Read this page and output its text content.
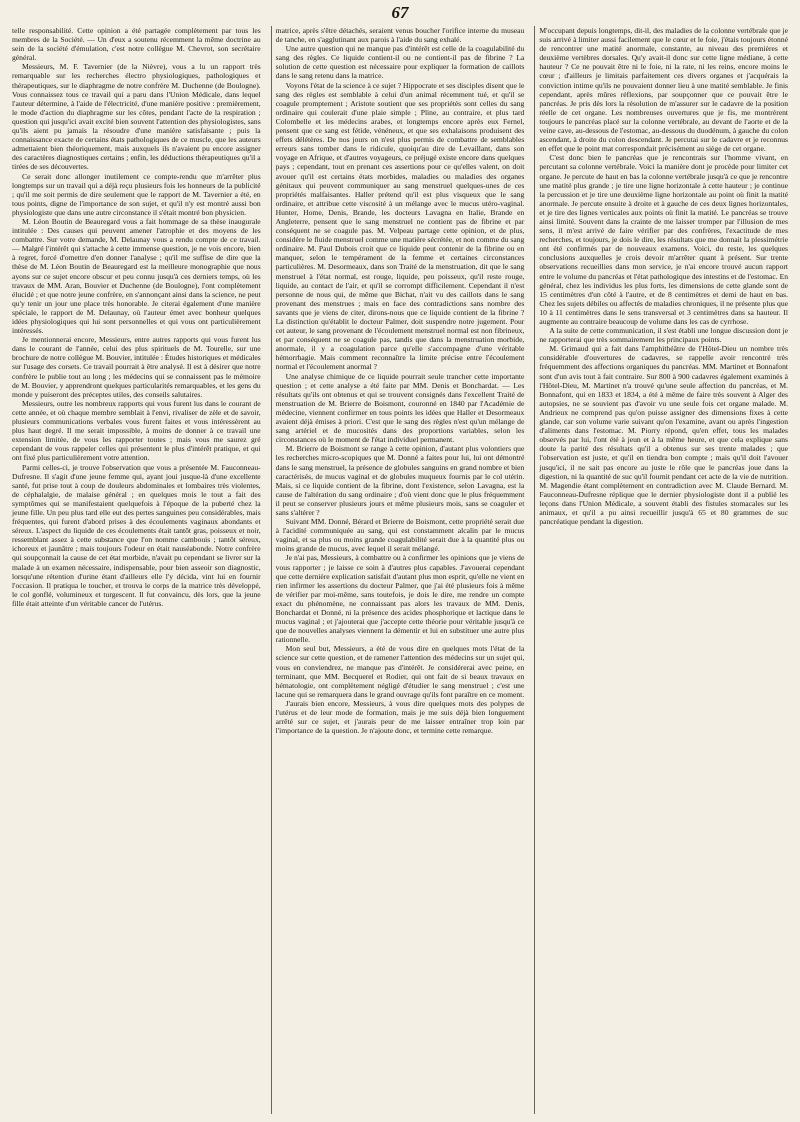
67

telle responsabilité. Cette opinion a été partagée complètement par tous les membres de la Société. — Un d'eux a soutenu récemment la même doctrine au sein de la société d'émulation, c'est notre collègue M. Chevrot, son secrétaire général.

Messieurs, M. F. Tavernier (de la Nièvre), vous a lu un rapport très remarquable sur les recherches électro physiologiques, pathologiques et thérapeutiques, sur le diaphragme de notre confrère M. Duchenne (de Boulogne). Vous connaissez tous ce travail qui a paru dans l'Union Médicale, dans lequel l'auteur détermine, à l'aide de l'électricité, d'une manière positive : premièrement, le mode d'action du diaphragme sur les côtes, pendant l'acte de la respiration ; question qui jusqu'ici avait excité bien souvent l'attention des physiologistes, sans qu'ils aient pu jamais la résoudre d'une manière satisfaisante ; puis la connaissance exacte de certains états pathologiques de ce muscle, que les auteurs admettaient bien théoriquement, mais auxquels ils n'avaient pu encore assigner des caractères diagnostiques certains ; enfin, les déductions thérapeutiques qu'il a tirées de ses découvertes.

Ce serait donc allonger inutilement ce compte-rendu que m'arrêter plus longtemps sur un travail qui a déjà reçu plusieurs fois les honneurs de la publicité ; qu'il me soit permis de dire seulement que le rapport de M. Tavernier a été, en tous points, digne de l'importance de son sujet, et qu'il n'y est montré aussi bon physiologiste que dans une autre circonstance il s'était montré bon physicien.

M. Léon Boutin de Beauregard vous a fait hommage de sa thèse inaugurale intitulée : Des causes qui peuvent amener l'atrophie et des moyens de les combattre. Sur votre demande, M. Delaunay vous a rendu compte de ce travail. — Malgré l'intérêt qui s'attache à cette immense question, je ne vois encore, bien à regret, forcé d'omettre d'en donner l'analyse ; qu'il me suffise de dire que la thèse de M. Léon Boutin de Beauregard est la meilleure monographie que nous ayons sur ce sujet encore obscur et peu connu jusqu'à ces derniers temps, où les travaux de MM. Aran, Bouvier et Duchenne (de Boulogne), l'ont complètement élucidé ; et que notre jeune confrère, en s'annonçant ainsi dans la science, ne peut qu'y tenir un jour une place très honorable. Je citerai également d'une manière spéciale, le rapport de M. Delaunay, où l'auteur émet avec bonheur quelques idées physiologiques qui lui sont personnelles et qui vous ont particulièrement intéressés.

Je mentionnerai encore, Messieurs, entre autres rapports qui vous furent lus dans le courant de l'année, celui des plus spirituels de M. Tourelle, sur une brochure de notre collègue M. Bouvier, intitulée : Études historiques et médicales sur l'usage des corsets. Ce travail pourrait à être analysé. Il est à désirer que notre confrère le publie tout au long ; les médecins qui se connaissent pas le mémoire de M. Bouvier, y apprendront quelques particularités remarquables, et les gens du monde y puiseront des préceptes utiles, des conseils salutaires.

Messieurs, outre les nombreux rapports qui vous furent lus dans le courant de cette année, et où chaque membre semblait à l'envi, rivaliser de zèle et de savoir, plusieurs communications verbales vous furent faites et vous intéressèrent au plus haut degré. Il me serait impossible, à moins de donner à ce travail une extension limitée, de vous les rapporter toutes ; mais vous me saurez gré cependant de vous rappeler celles qui présentent le plus d'intérêt pratique, et qui ont fixé plus particulièrement votre attention.

Parmi celles-ci, je trouve l'observation que vous a présentée M. Fauconneau-Dufresne. Il s'agit d'une jeune femme qui, ayant joui jusque-là d'une excellente santé, fut prise tout à coup de douleurs abdominales et lombaires très violentes, de céphalalgie, de malaise général ; en quelques mois le tout a fait des symptômes qui se manifestaient quelquefois à l'époque de la puberté chez la jeune fille. Un peu plus tard elle eut des pertes sanguines peu considérables, mais fréquentes, qui furent d'abord prises à des écoulements vaginaux abondants et séreux. L'aspect du liquide de ces écoulements était tantôt gras, poisseux et noir, ressemblant assez à cette substance que l'on nomme cambouis ; tantôt séreux, ichoreux et jaunâtre ; mais toujours l'odeur en était nauséabonde. Notre confrère qui soupçonnait la cause de cet état morbide, n'avait pu cependant se livrer sur la malade à un examen nécessaire, indispensable, pour bien asseoir son diagnostic, lorsqu'une rétention d'urine étant d'ailleurs elle l'y décida, vint lui en fournir l'occasion. Il pratiqua le toucher, et trouva le corps de la matrice très développé, le col gonflé, volumineux et turgescent. Il fut convaincu, dès lors, que la jeune fille était atteinte d'un véritable cancer de l'utérus.

matrice, après s'être détachés, seraient venus boucher l'orifice interne du museau de tanche, en s'agglutinant aux parois à l'aide du sang exhalé.

Une autre question qui ne manque pas d'intérêt est celle de la coagulabilité du sang des règles. Ce liquide contient-il ou ne contient-il pas de fibrine ? La solution de cette question est nécessaire pour expliquer la formation de caillots dans le sang retenu dans la matrice.

Voyons l'état de la science à ce sujet ? Hippocrate et ses disciples disent que le sang des règles est semblable à celui d'un animal récemment tué, et qu'il se coagule promptement ; Aristote soutient que ses propriétés sont celles du sang ordinaire qui coulerait d'une plaie simple ; Pline, au contraire, et plus tard Colombelle et les médecins arabes, et longtemps encore après eux Fernel, pensent que ce sang est fétide, vénéneux, et que ses exhalaisons produisent des effets délétères. De nos jours on n'est plus permis de combattre de semblables erreurs sans tomber dans le ridicule, quoiqu'au dire de Levaillant, dans son voyage en Afrique, et d'autres voyageurs, ce préjugé existe encore dans quelques pays ; cependant, tout en prenant ces assertions pour ce qu'elles valent, on doit avouer qu'il est certains états morbides, maladies ou maladies des organes génitaux qui peuvent communiquer au sang menstruel quelques-unes de ces propriétés malfaisantes. Haller prétend qu'il est plus visqueux que le sang ordinaire, et attribue cette viscosité à un mélange avec le mucus utéro-vaginal. Hunter, Home, Denis, Brande, les docteurs Lavagna en Italie, Brande en Angleterre, pensent que le sang menstruel ne contient pas de fibrine et par conséquent ne se coagule pas. M. Velpeau partage cette opinion, et de plus, considère le fluide menstruel comme une matière sécrétée, et non comme du sang ordinaire. M. Paul Dubois croit que ce liquide peut contenir de la fibrine ou en manquer, selon le tempérament de la femme et certaines circonstances particulières. M. Desormeaux, dans son Traité de la menstruation, dit que le sang menstruel à l'état normal, est rouge, liquide, peu poisseux, qu'il reste rouge, liquide, au contact de l'air, et qu'il se corrompt difficilement. Cependant il n'est personne de nous qui, de même que Bichat, n'ait vu des caillots dans le sang provenant des menstrues ; mais en face des contradictions sans nombre des savants que je viens de citer, dirons-nous que ce liquide contient de la fibrine ? La distinction qu'établit le docteur Palmer, doit suspendre notre jugement. Pour cet auteur, le sang provenant de l'écoulement menstruel normal est non fibrineux, et par conséquent ne se coagule pas, tandis que dans la menstruation morbide, anormale, il y a coagulation parce qu'elle s'accompagne d'une véritable hémorrhagie. Mais comment reconnaître la limite précise entre l'écoulement normal et l'écoulement anormal ?

Une analyse chimique de ce liquide pourrait seule trancher cette importante question ; et cette analyse a été faite par MM. Denis et Bonchardat. — Les résultats qu'ils ont obtenus et qui se trouvent consignés dans l'excellent Traité de menstruation de M. Brierre de Boismont, couronné en 1840 par l'Académie de médecine, viennent confirmer en tous points les idées que Haller et Desormeaux avaient déjà émises à priori. C'est que le sang des règles n'est qu'un mélange de sang artériel et de mucosités dans des proportions variables, selon les circonstances où le moment de l'état individuel permanent.

M. Brierre de Boismont se range à cette opinion, d'autant plus volontiers que les recherches micro-scopiques que M. Donné a faites pour lui, lui ont démontré dans le sang menstruel, la présence de globules sanguins en grand nombre et bien caractérisés, de mucus vaginal et de globules muqueux fournis par le col utérin. Mais, si ce liquide contient de la fibrine, dont l'existence, selon Lavagna, est la cause de l'altération du sang ordinaire ; d'où vient donc que le plus fréquemment il peut se conserver plusieurs jours et même plusieurs mois, sans se coaguler et sans s'altérer ?

Suivant MM. Donné, Bérard et Brierre de Boismont, cette propriété serait due à l'acidité communiquée au sang, qui est constamment alcalin par le mucus vaginal, et sa plus ou moins grande coagulabilité serait due à la quantité plus ou moins grande de mucus, avec lequel il serait mélangé.

Je n'ai pas, Messieurs, à combattre ou à confirmer les opinions que je viens de vous rapporter ; je laisse ce soin à d'autres plus capables. J'avouerai cependant que cette dernière explication satisfait d'autant plus mon esprit, qu'elle ne vient en rien infirmer les assertions du docteur Palmer, que j'ai été plusieurs fois à même de vérifier par moi-même, sans toutefois, je dois le dire, me rendre un compte exact du phénomène, ne connaissant pas alors les travaux de MM. Denis, Bonchardat et Donné, ni la présence des acides phosphorique et lactique dans le mucus vaginal ; et j'ajouterai que j'accepte cette théorie pour véritable jusqu'à ce que de nouvelles analyses viennent la démentir et lui en substituer une autre plus rationnelle.

Mon seul but, Messieurs, a été de vous dire en quelques mots l'état de la science sur cette question, et de ramener l'attention des médecins sur un sujet qui, vous en conviendrez, ne manque pas d'intérêt. Je considérerai avec peine, en terminant, que MM. Becquerel et Rodier, qui ont fait de si beaux travaux en hématologie, ont complètement négligé d'étudier le sang menstruel ; c'est une lacune qui se remarquera dans le grand ouvrage qu'ils font paraître en ce moment.

J'aurais bien encore, Messieurs, à vous dire quelques mots des polypes de l'utérus et de leur mode de formation, mais je me suis déjà bien longuement arrêté sur ce sujet, et j'aurais peur de me laisser entraîner trop loin par l'importance de la question. Je n'ajoute donc, et termine cette remarque.

M'occupant depuis longtemps, dit-il, des maladies de la colonne vertébrale que je suis arrivé à limiter aussi facilement que le cœur et le foie, j'étais toujours étonné de rencontrer une matité anormale, constante, au niveau des premières et deuxième vertèbres dorsales. Qu'y avait-il donc sur cette ligne médiane, à cette hauteur ? Ce ne pouvait être ni le foie, ni la rate, ni les reins, encore moins le cœur ; d'ailleurs je limitais parfaitement ces divers organes et j'acquérais la conviction intime qu'ils ne pouvaient donner lieu à une matité semblable. Je finis cependant, après mûres réflexions, par soupçonner que ce pouvait être le pancréas. Je pris dès lors la résolution de m'assurer sur le cadavre de la position réelle de cet organe. Les nombreuses ouvertures que je fis, me montrèrent toujours le pancréas placé sur la colonne vertébrale, au devant de l'aorte et de la veine cave, au-dessous de l'estomac, au-dessous du duodénum, à gauche du colon ascendant, à droite du colon descendant. Je percutai sur le cadavre et je reconnus en effet que le point mat correspondait précisément au siège de cet organe.

C'est donc bien le pancréas que je rencontrais sur l'homme vivant, en percutant sa colonne vertébrale. Voici la manière dont je procède pour limiter cet organe. Je percute de haut en bas la colonne vertébrale jusqu'à ce que je rencontre une matité plus grande ; je tire une ligne horizontale à cette hauteur ; je continue la percussion et je tire une deuxième ligne horizontale au point où finit la matité anormale. Je percute ensuite à droite et à gauche de ces deux lignes horizontales, et je tire des lignes verticales aux points où finit la matité. Le pancréas se trouve ainsi limité. Souvent dans la crainte de me laisser tromper par l'illusion de mes sens, il m'est arrivé de faire vérifier par des confrères, l'exactitude de mes recherches, et toujours, je dois le dire, les résultats que me donnait la plessimétrie ont été confirmés par de nouveaux examens. Voici, du reste, les quelques conclusions auxquelles je crois devoir m'arrêter quant à présent. Sur trente observations recueillies dans mon service, je n'ai encore trouvé aucun rapport entre le volume du pancréas et l'état pathologique des intestins et de l'estomac. En général, chez les individus les plus forts, les dimensions de cette glande sont de 15 centimètres d'un côté à l'autre, et de 8 centimètres et demi de haut en bas. Chez les sujets débiles ou affectés de maladies chroniques, il ne présente plus que 10 à 11 centimètres dans le sens transversal et 3 centimètres dans sa hauteur. Il augmente au contraire beaucoup de volume dans les cas de cyrrhose.

A la suite de cette communication, il s'est établi une longue discussion dont je ne rapporterai que très sommairement les principaux points.

M. Grimaud qui a fait dans l'amphithéâtre de l'Hôtel-Dieu un nombre très considérable d'ouvertures de cadavres, se rappelle avoir rencontré très fréquemment des affections organiques du pancréas. MM. Martinet et Bonnafont sont d'un avis tout à fait contraire. Sur 800 à 900 cadavres également examinés à l'Hôtel-Dieu, M. Martinet n'a trouvé qu'une seule affection du pancréas, et M. Bonnafont, qui en 1833 et 1834, a été à même de faire très souvent à Alger des autopsies, ne se souvient pas d'avoir vu une seule fois cet organe malade. M. Andrieux ne comprend pas qu'on puisse assigner des dimensions fixes à cette glande, car son volume varie suivant qu'on l'examine, avant ou après l'ingestion d'aliments dans l'estomac. M. Piorry répond, qu'en effet, tous les malades observés par lui, l'ont été à jeun et à la même heure, et que cela explique sans doute la parité des résultats qu'il a obtenus sur ses trente malades ; que l'observation est juste, et qu'il en tiendra bon compte ; mais qu'il doit l'avouer jusqu'ici, il ne sait pas encore au juste le rôle que le pancréas joue dans la digestion, ni la quantité de suc qu'il fournit pendant cet acte de la vie de nutrition. M. Magendie étant complètement en contradiction avec M. Claude Bernard. M. Fauconneau-Dufresne réplique que le dernier physiologiste dont il a publié les leçons dans l'Union Médicale, a souvent établi des fistules stomacales sur les animaux, et qu'il a pu ainsi recueillir jusqu'à 65 et 80 grammes de suc pancréatique pendant la digestion.
